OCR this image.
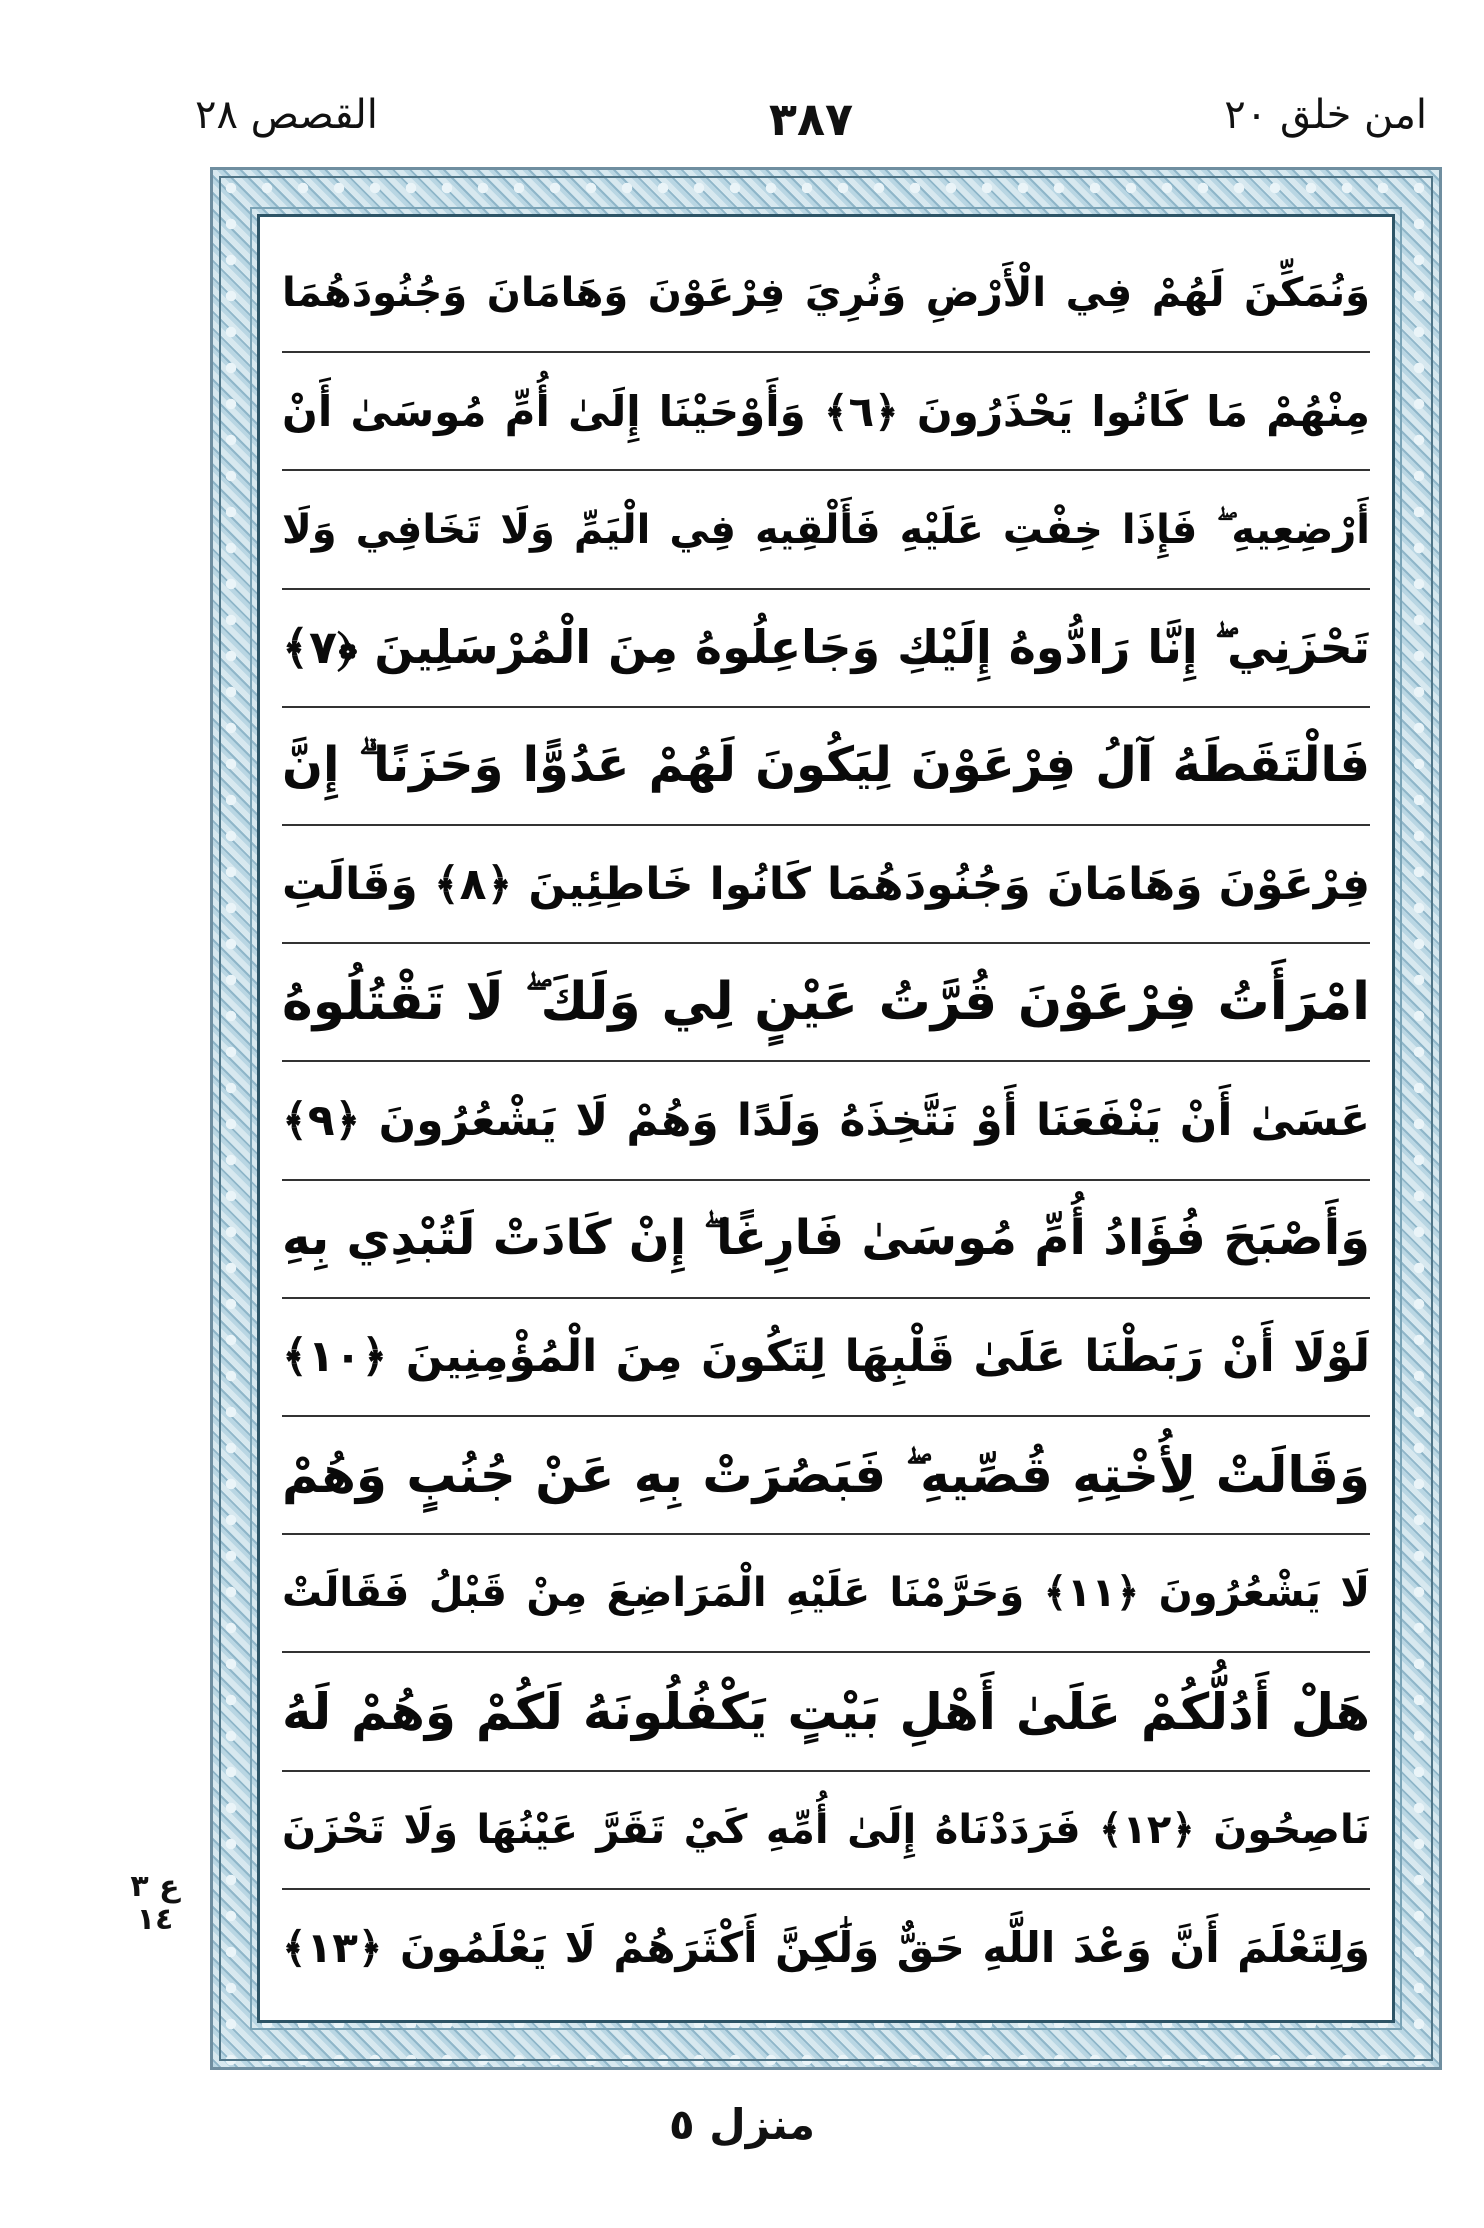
امن خلق ٢٠
٣٨٧
القصص ٢٨
وَنُمَكِّنَ لَهُمْ فِي الْأَرْضِ وَنُرِيَ فِرْعَوْنَ وَهَامَانَ وَجُنُودَهُمَا
مِنْهُمْ مَا كَانُوا يَحْذَرُونَ ﴿٦﴾ وَأَوْحَيْنَا إِلَىٰ أُمِّ مُوسَىٰ أَنْ
أَرْضِعِيهِ ۖ فَإِذَا خِفْتِ عَلَيْهِ فَأَلْقِيهِ فِي الْيَمِّ وَلَا تَخَافِي وَلَا
تَحْزَنِي ۖ إِنَّا رَادُّوهُ إِلَيْكِ وَجَاعِلُوهُ مِنَ الْمُرْسَلِينَ ﴿٧﴾
فَالْتَقَطَهُ آلُ فِرْعَوْنَ لِيَكُونَ لَهُمْ عَدُوًّا وَحَزَنًا ۗ إِنَّ
فِرْعَوْنَ وَهَامَانَ وَجُنُودَهُمَا كَانُوا خَاطِئِينَ ﴿٨﴾ وَقَالَتِ
امْرَأَتُ فِرْعَوْنَ قُرَّتُ عَيْنٍ لِي وَلَكَ ۖ لَا تَقْتُلُوهُ
عَسَىٰ أَنْ يَنْفَعَنَا أَوْ نَتَّخِذَهُ وَلَدًا وَهُمْ لَا يَشْعُرُونَ ﴿٩﴾
وَأَصْبَحَ فُؤَادُ أُمِّ مُوسَىٰ فَارِغًا ۖ إِنْ كَادَتْ لَتُبْدِي بِهِ
لَوْلَا أَنْ رَبَطْنَا عَلَىٰ قَلْبِهَا لِتَكُونَ مِنَ الْمُؤْمِنِينَ ﴿١٠﴾
وَقَالَتْ لِأُخْتِهِ قُصِّيهِ ۖ فَبَصُرَتْ بِهِ عَنْ جُنُبٍ وَهُمْ
لَا يَشْعُرُونَ ﴿١١﴾ وَحَرَّمْنَا عَلَيْهِ الْمَرَاضِعَ مِنْ قَبْلُ فَقَالَتْ
هَلْ أَدُلُّكُمْ عَلَىٰ أَهْلِ بَيْتٍ يَكْفُلُونَهُ لَكُمْ وَهُمْ لَهُ
نَاصِحُونَ ﴿١٢﴾ فَرَدَدْنَاهُ إِلَىٰ أُمِّهِ كَيْ تَقَرَّ عَيْنُهَا وَلَا تَحْزَنَ
وَلِتَعْلَمَ أَنَّ وَعْدَ اللَّهِ حَقٌّ وَلَٰكِنَّ أَكْثَرَهُمْ لَا يَعْلَمُونَ ﴿١٣﴾
ع ٣ ١٤
منزل ٥
